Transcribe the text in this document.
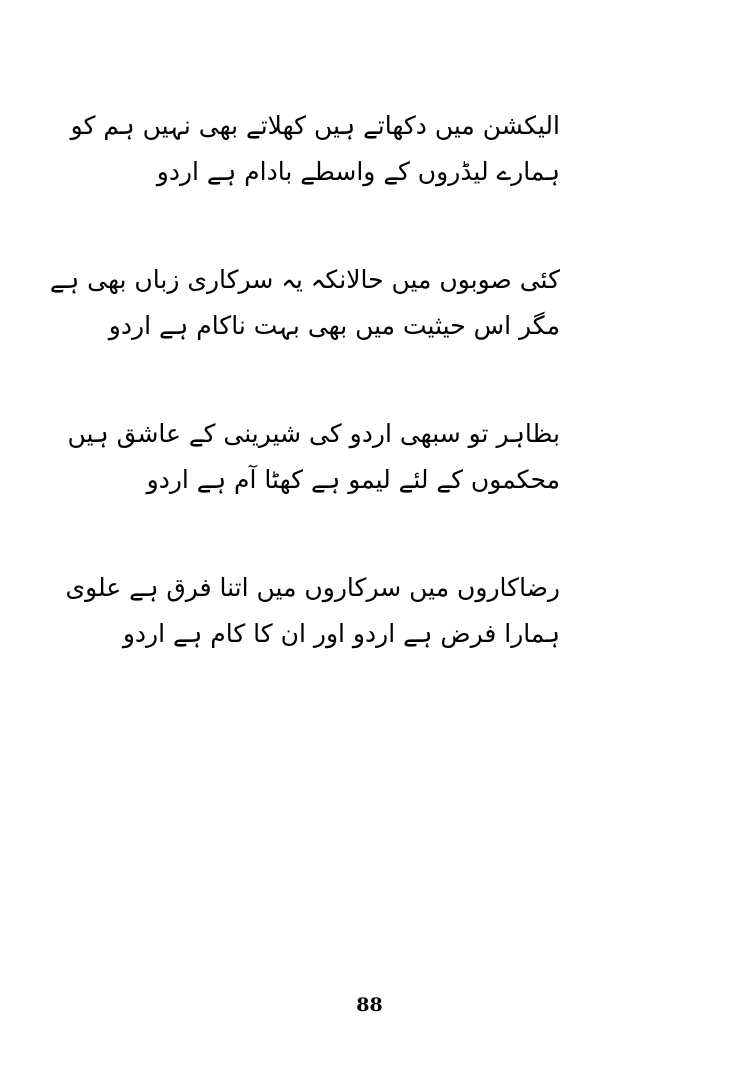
الیکشن میں دکھاتے ہیں کھلاتے بھی نہیں ہم کو
ہمارے لیڈروں کے واسطے بادام ہے اردو
کئی صوبوں میں حالانکہ یہ سرکاری زباں بھی ہے
مگر اس حیثیت میں بھی بہت ناکام ہے اردو
بظاہر تو سبھی اردو کی شیرینی کے عاشق ہیں
محکموں کے لئے لیمو ہے کھٹا آم ہے اردو
رضاکاروں میں سرکاروں میں اتنا فرق ہے علوی
ہمارا فرض ہے اردو اور ان کا کام ہے اردو
88
